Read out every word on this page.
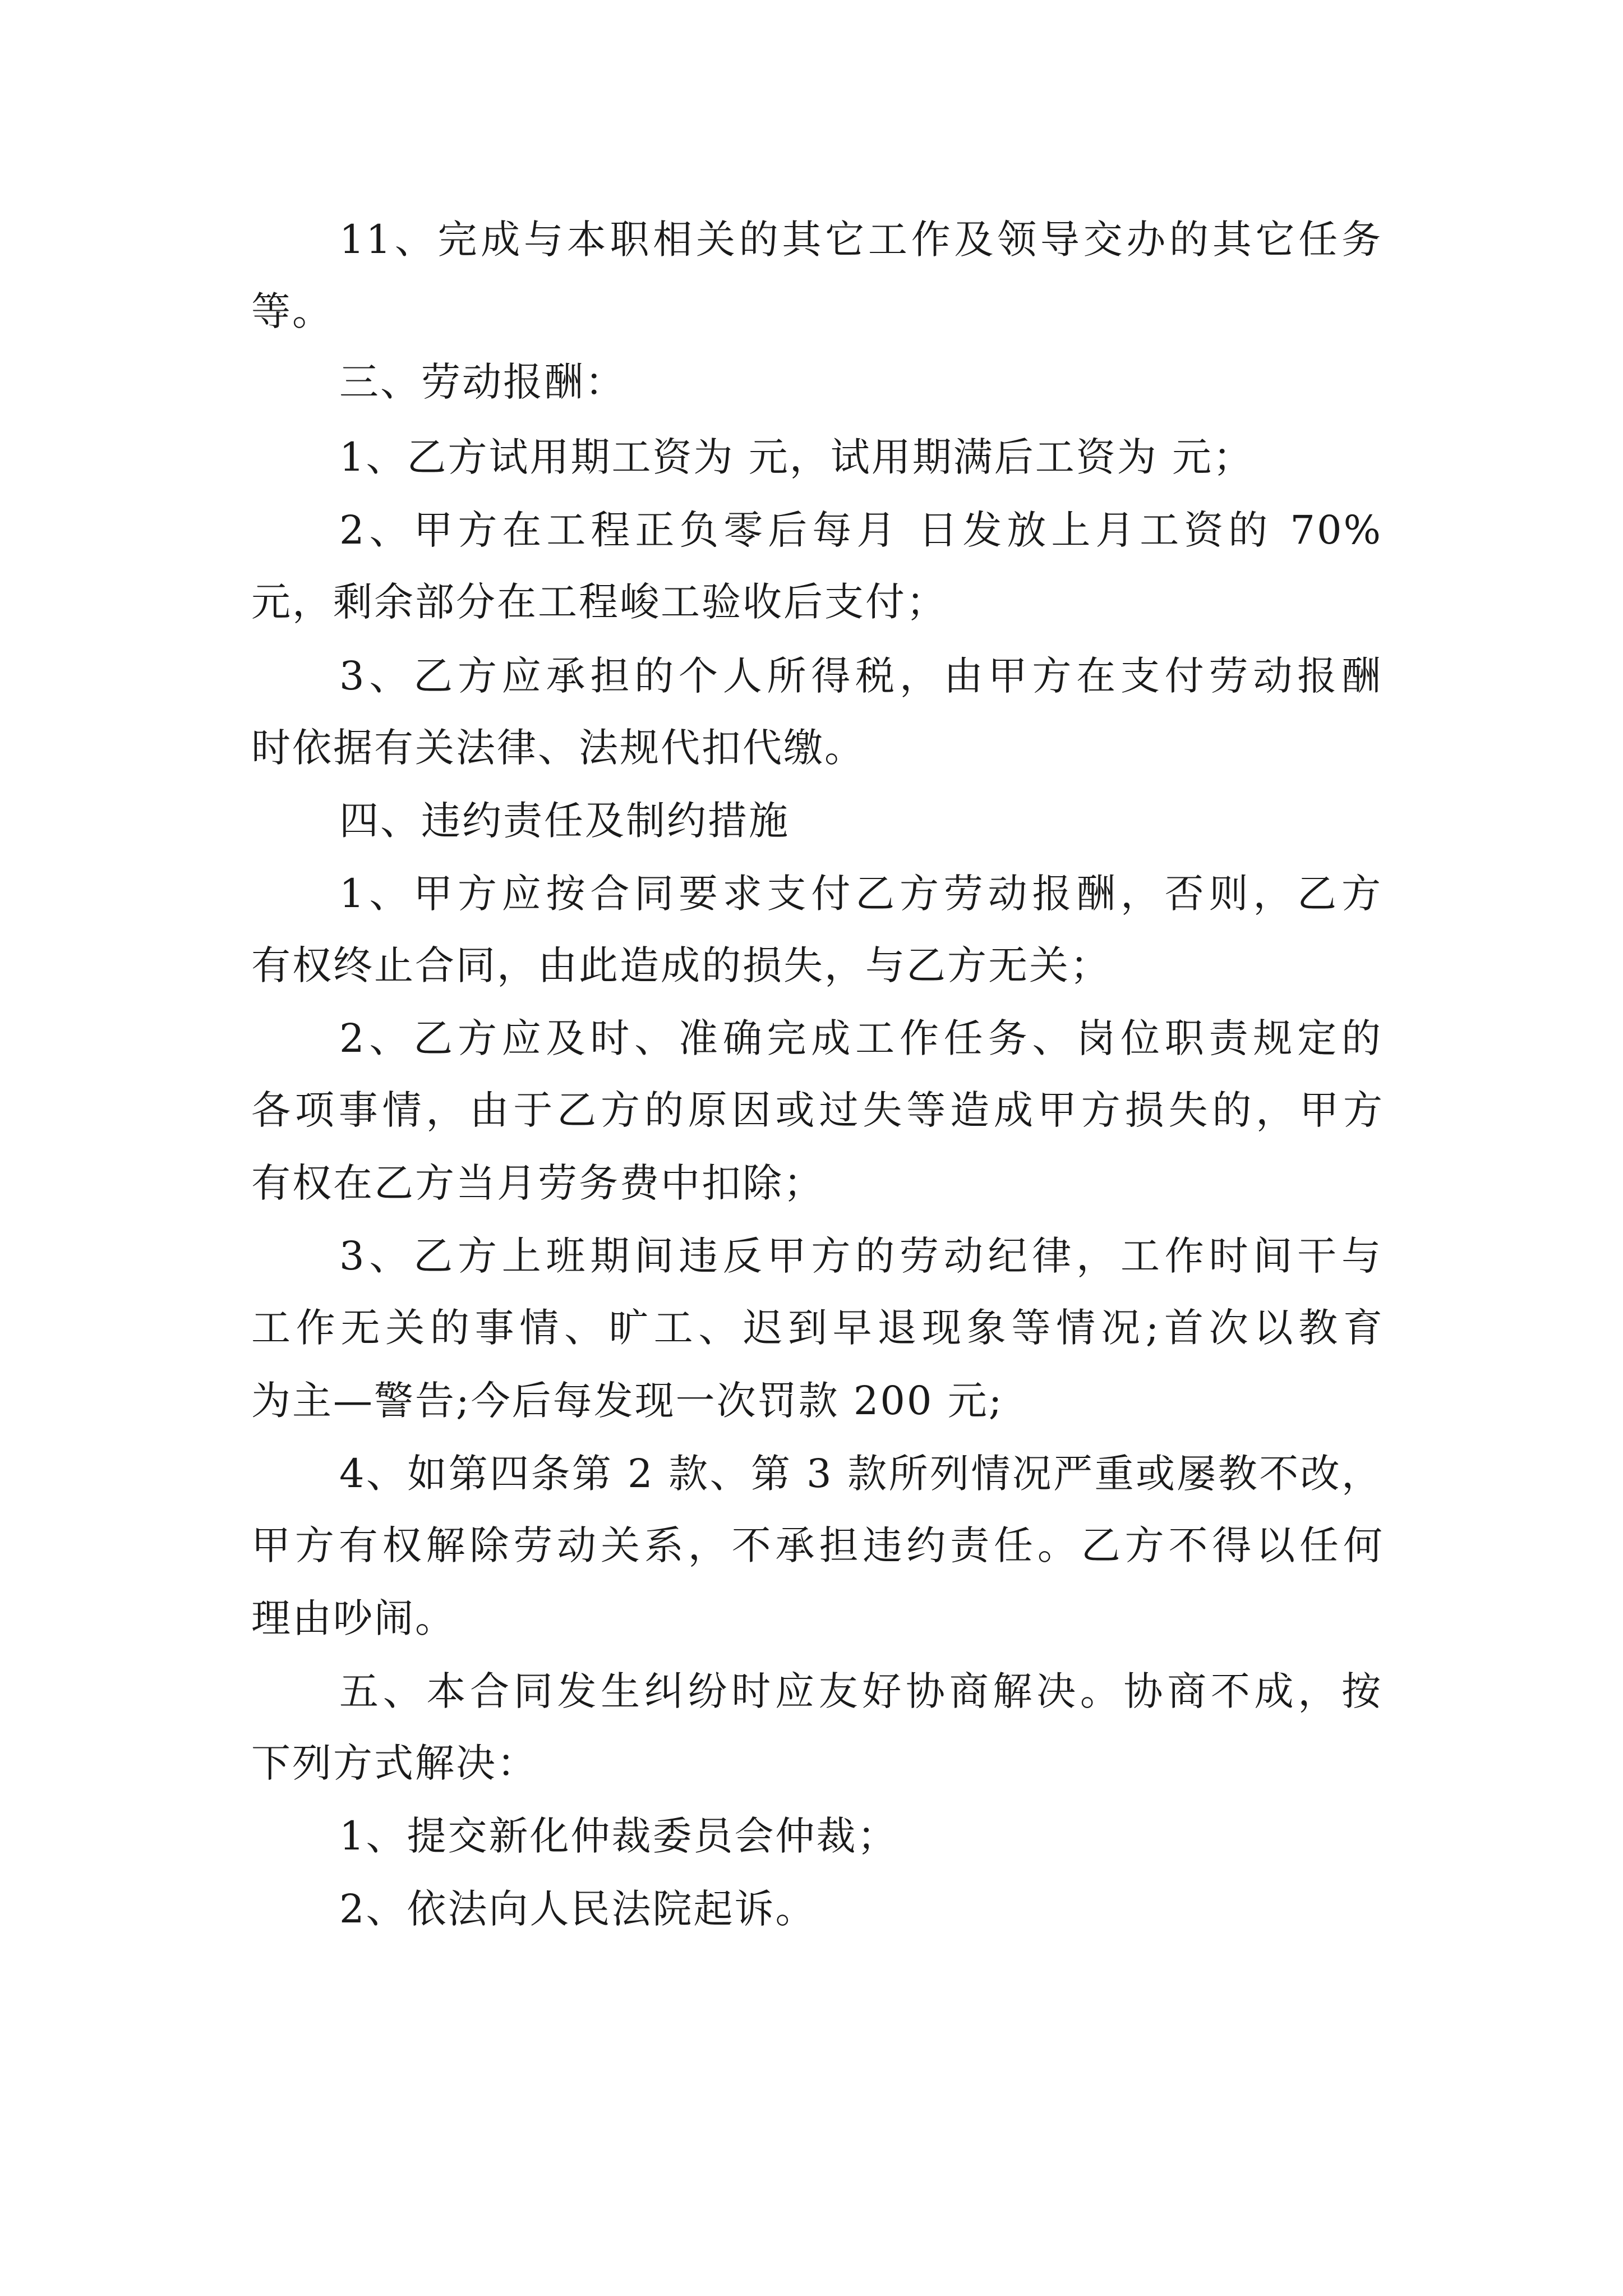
11、完成与本职相关的其它工作及领导交办的其它任务

等。

三、劳动报酬：

1、乙方试用期工资为 元，试用期满后工资为 元；

2、甲方在工程正负零后每月 日发放上月工资的 70%

元，剩余部分在工程峻工验收后支付；

3、乙方应承担的个人所得税，由甲方在支付劳动报酬

时依据有关法律、法规代扣代缴。

四、违约责任及制约措施

1、甲方应按合同要求支付乙方劳动报酬，否则，乙方

有权终止合同，由此造成的损失，与乙方无关；

2、乙方应及时、准确完成工作任务、岗位职责规定的

各项事情，由于乙方的原因或过失等造成甲方损失的，甲方

有权在乙方当月劳务费中扣除；

3、乙方上班期间违反甲方的劳动纪律，工作时间干与

工作无关的事情、旷工、迟到早退现象等情况;首次以教育

为主—警告;今后每发现一次罚款 200 元;

4、如第四条第 2 款、第 3 款所列情况严重或屡教不改，

甲方有权解除劳动关系，不承担违约责任。乙方不得以任何

理由吵闹。

五、本合同发生纠纷时应友好协商解决。协商不成，按

下列方式解决：

1、提交新化仲裁委员会仲裁；

2、依法向人民法院起诉。
